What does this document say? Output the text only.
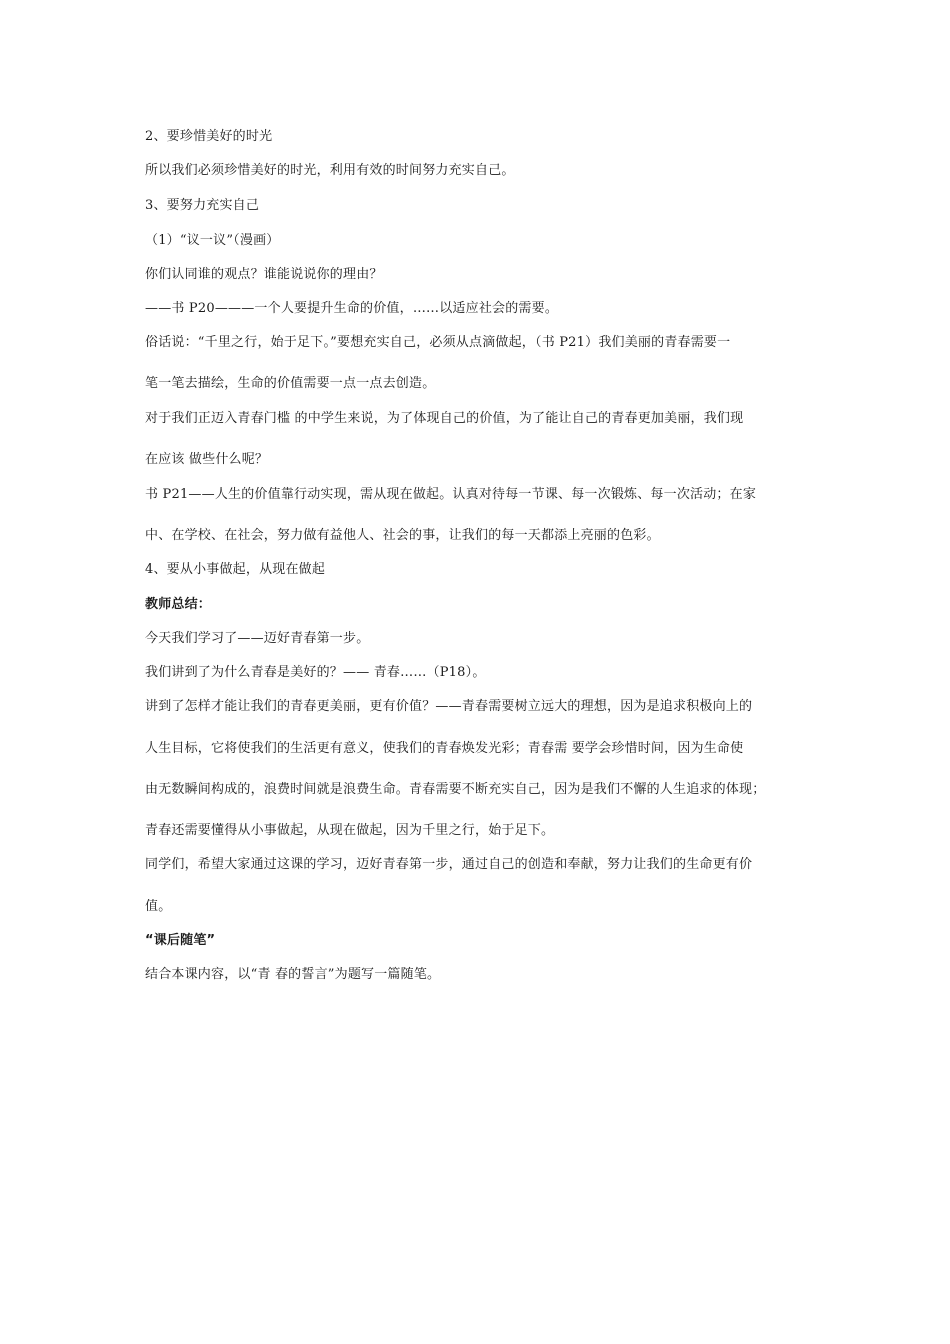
2、要珍惜美好的时光
所以我们必须珍惜美好的时光，利用有效的时间努力充实自己。
3、要努力充实自己
（1）“议一议”（漫画）
你们认同谁的观点？谁能说说你的理由？
——书 P20———一个人要提升生命的价值，……以适应社会的需要。
俗话说：“千里之行，始于足下。”要想充实自己，必须从点滴做起，（书 P21）我们美丽的青春需要一
笔一笔去描绘，生命的价值需要一点一点去创造。
对于我们正迈入青春门槛 的中学生来说，为了体现自己的价值，为了能让自己的青春更加美丽，我们现
在应该 做些什么呢？
书 P21——人生的价值靠行动实现，需从现在做起。认真对待每一节课、每一次锻炼、每一次活动；在家
中、在学校、在社会，努力做有益他人、社会的事，让我们的每一天都添上亮丽的色彩。
4、要从小事做起，从现在做起
教师总结：
今天我们学习了——迈好青春第一步。
我们讲到了为什么青春是美好的？—— 青春……（P18）。
讲到了怎样才能让我们的青春更美丽，更有价值？——青春需要树立远大的理想，因为是追求积极向上的
人生目标，它将使我们的生活更有意义，使我们的青春焕发光彩；青春需 要学会珍惜时间，因为生命使
由无数瞬间构成的，浪费时间就是浪费生命。青春需要不断充实自己，因为是我们不懈的人生追求的体现；
青春还需要懂得从小事做起，从现在做起，因为千里之行，始于足下。
同学们，希望大家通过这课的学习，迈好青春第一步，通过自己的创造和奉献，努力让我们的生命更有价
值。
“课后随笔”
结合本课内容，以“青 春的誓言”为题写一篇随笔。
